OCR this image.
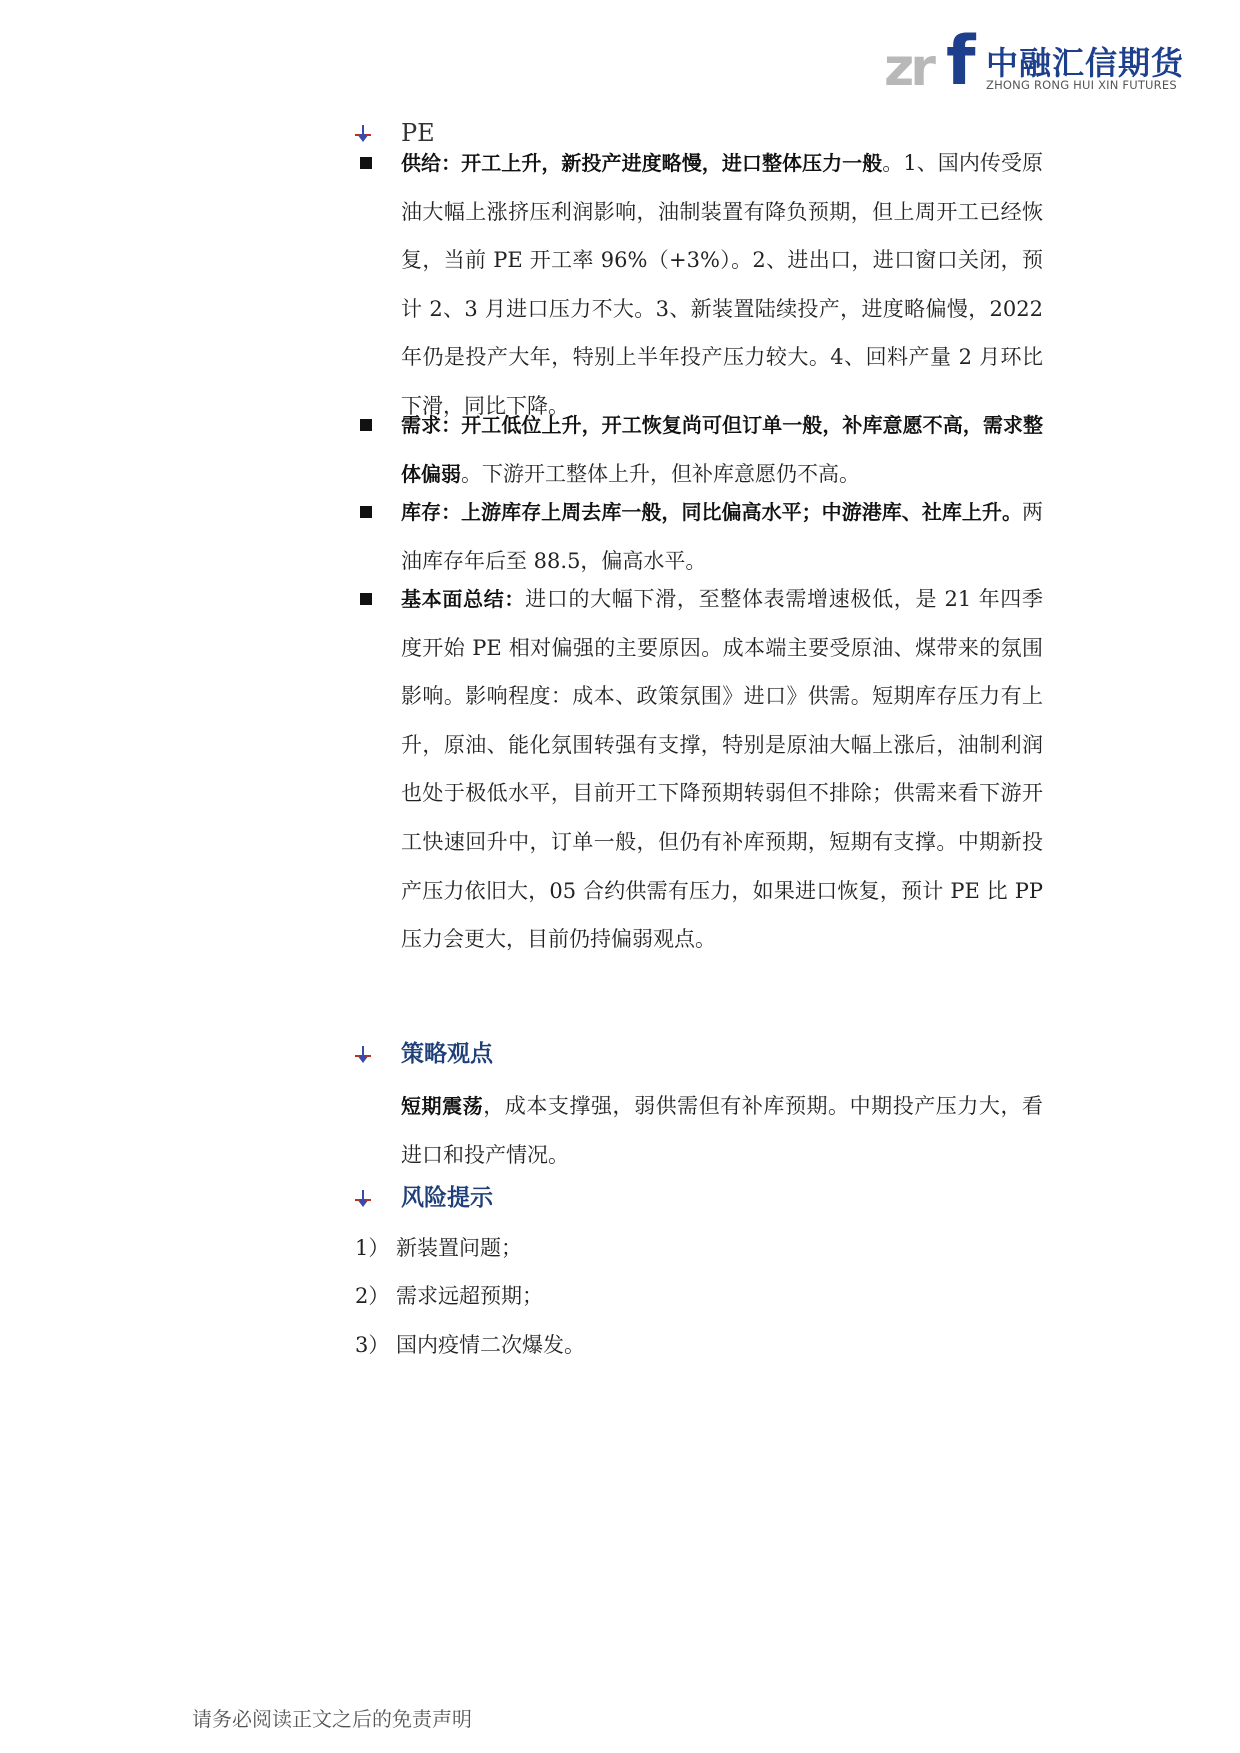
zr f 中融汇信期货
ZHONG RONG HUI XIN FUTURES
PE
供给：开工上升，新投产进度略慢，进口整体压力一般。1、国内传受原油大幅上涨挤压利润影响，油制装置有降负预期，但上周开工已经恢复，当前 PE 开工率 96%（+3%）。2、进出口，进口窗口关闭，预计 2、3 月进口压力不大。3、新装置陆续投产，进度略偏慢，2022 年仍是投产大年，特别上半年投产压力较大。4、回料产量 2 月环比下滑，同比下降。
需求：开工低位上升，开工恢复尚可但订单一般，补库意愿不高，需求整体偏弱。下游开工整体上升，但补库意愿仍不高。
库存：上游库存上周去库一般，同比偏高水平；中游港库、社库上升。两油库存年后至 88.5，偏高水平。
基本面总结：进口的大幅下滑，至整体表需增速极低，是 21 年四季度开始 PE 相对偏强的主要原因。成本端主要受原油、煤带来的氛围影响。影响程度：成本、政策氛围》进口》供需。短期库存压力有上升，原油、能化氛围转强有支撑，特别是原油大幅上涨后，油制利润也处于极低水平，目前开工下降预期转弱但不排除；供需来看下游开工快速回升中，订单一般，但仍有补库预期，短期有支撑。中期新投产压力依旧大，05 合约供需有压力，如果进口恢复，预计 PE 比 PP 压力会更大，目前仍持偏弱观点。
策略观点
短期震荡，成本支撑强，弱供需但有补库预期。中期投产压力大，看进口和投产情况。
风险提示
1） 新装置问题；
2） 需求远超预期；
3） 国内疫情二次爆发。
请务必阅读正文之后的免责声明
